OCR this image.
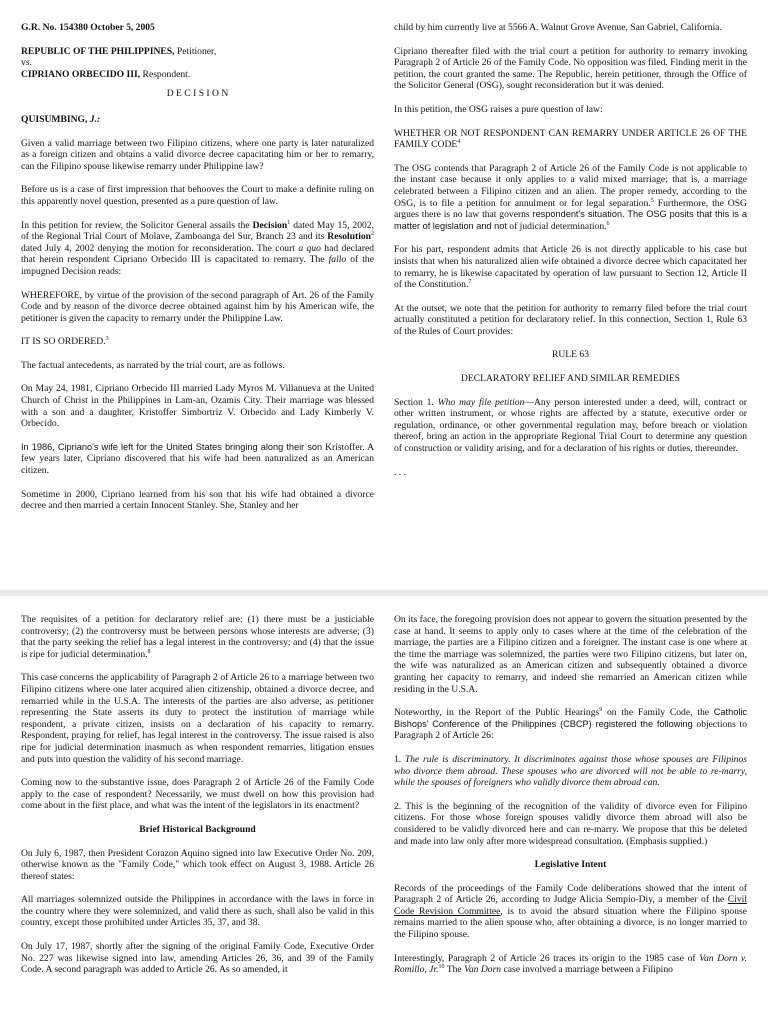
G.R. No. 154380 October 5, 2005
REPUBLIC OF THE PHILIPPINES, Petitioner,
vs.
CIPRIANO ORBECIDO III, Respondent.
D E C I S I O N

QUISUMBING, J.:

Given a valid marriage between two Filipino citizens, where one party is later naturalized as a foreign citizen and obtains a valid divorce decree capacitating him or her to remarry, can the Filipino spouse likewise remarry under Philippine law?

Before us is a case of first impression that behooves the Court to make a definite ruling on this apparently novel question, presented as a pure question of law.

In this petition for review, the Solicitor General assails the Decision$^1$ dated May 15, 2002, of the Regional Trial Court of Molave, Zamboanga del Sur, Branch 23 and its Resolution$^2$ dated July 4, 2002 denying the motion for reconsideration. The court a quo had declared that herein respondent Cipriano Orbecido III is capacitated to remarry. The fallo of the impugned Decision reads:

WHEREFORE, by virtue of the provision of the second paragraph of Art. 26 of the Family Code and by reason of the divorce decree obtained against him by his American wife, the petitioner is given the capacity to remarry under the Philippine Law.

IT IS SO ORDERED.$^3$

The factual antecedents, as narrated by the trial court, are as follows.

On May 24, 1981, Cipriano Orbecido III married Lady Myros M. Villanueva at the United Church of Christ in the Philippines in Lam-an, Ozamis City. Their marriage was blessed with a son and a daughter, Kristoffer Simbortriz V. Orbecido and Lady Kimberly V. Orbecido.

In 1986, Cipriano's wife left for the United States bringing along their son Kristoffer. A few years later, Cipriano discovered that his wife had been naturalized as an American citizen.

Sometime in 2000, Cipriano learned from his son that his wife had obtained a divorce decree and then married a certain Innocent Stanley. She, Stanley and her

child by him currently live at 5566 A. Walnut Grove Avenue, San Gabriel, California.

Cipriano thereafter filed with the trial court a petition for authority to remarry invoking Paragraph 2 of Article 26 of the Family Code. No opposition was filed. Finding merit in the petition, the court granted the same. The Republic, herein petitioner, through the Office of the Solicitor General (OSG), sought reconsideration but it was denied.

In this petition, the OSG raises a pure question of law:

WHETHER OR NOT RESPONDENT CAN REMARRY UNDER ARTICLE 26 OF THE FAMILY CODE$^4$

The OSG contends that Paragraph 2 of Article 26 of the Family Code is not applicable to the instant case because it only applies to a valid mixed marriage; that is, a marriage celebrated between a Filipino citizen and an alien. The proper remedy, according to the OSG, is to file a petition for annulment or for legal separation.$^5$ Furthermore, the OSG argues there is no law that governs respondent's situation. The OSG posits that this is a matter of legislation and not of judicial determination.$^6$

For his part, respondent admits that Article 26 is not directly applicable to his case but insists that when his naturalized alien wife obtained a divorce decree which capacitated her to remarry, he is likewise capacitated by operation of law pursuant to Section 12, Article II of the Constitution.$^7$

At the outset, we note that the petition for authority to remarry filed before the trial court actually constituted a petition for declaratory relief. In this connection, Section 1, Rule 63 of the Rules of Court provides:

RULE 63

DECLARATORY RELIEF AND SIMILAR REMEDIES

Section 1. Who may file petition—Any person interested under a deed, will, contract or other written instrument, or whose rights are affected by a statute, executive order or regulation, ordinance, or other governmental regulation may, before breach or violation thereof, bring an action in the appropriate Regional Trial Court to determine any question of construction or validity arising, and for a declaration of his rights or duties, thereunder.

. . .

The requisites of a petition for declaratory relief are: (1) there must be a justiciable controversy; (2) the controversy must be between persons whose interests are adverse; (3) that the party seeking the relief has a legal interest in the controversy; and (4) that the issue is ripe for judicial determination.$^8$

This case concerns the applicability of Paragraph 2 of Article 26 to a marriage between two Filipino citizens where one later acquired alien citizenship, obtained a divorce decree, and remarried while in the U.S.A. The interests of the parties are also adverse, as petitioner representing the State asserts its duty to protect the institution of marriage while respondent, a private citizen, insists on a declaration of his capacity to remarry. Respondent, praying for relief, has legal interest in the controversy. The issue raised is also ripe for judicial determination inasmuch as when respondent remarries, litigation ensues and puts into question the validity of his second marriage.

Coming now to the substantive issue, does Paragraph 2 of Article 26 of the Family Code apply to the case of respondent? Necessarily, we must dwell on how this provision had come about in the first place, and what was the intent of the legislators in its enactment?

Brief Historical Background

On July 6, 1987, then President Corazon Aquino signed into law Executive Order No. 209, otherwise known as the "Family Code," which took effect on August 3, 1988. Article 26 thereof states:

All marriages solemnized outside the Philippines in accordance with the laws in force in the country where they were solemnized, and valid there as such, shall also be valid in this country, except those prohibited under Articles 35, 37, and 38.

On July 17, 1987, shortly after the signing of the original Family Code, Executive Order No. 227 was likewise signed into law, amending Articles 26, 36, and 39 of the Family Code. A second paragraph was added to Article 26. As so amended, it

On its face, the foregoing provision does not appear to govern the situation presented by the case at hand. It seems to apply only to cases where at the time of the celebration of the marriage, the parties are a Filipino citizen and a foreigner. The instant case is one where at the time the marriage was solemnized, the parties were two Filipino citizens, but later on, the wife was naturalized as an American citizen and subsequently obtained a divorce granting her capacity to remarry, and indeed she remarried an American citizen while residing in the U.S.A.

Noteworthy, in the Report of the Public Hearings$^9$ on the Family Code, the Catholic Bishops' Conference of the Philippines (CBCP) registered the following objections to Paragraph 2 of Article 26:

1. The rule is discriminatory. It discriminates against those whose spouses are Filipinos who divorce them abroad. These spouses who are divorced will not be able to re-marry, while the spouses of foreigners who validly divorce them abroad can.

2. This is the beginning of the recognition of the validity of divorce even for Filipino citizens. For those whose foreign spouses validly divorce them abroad will also be considered to be validly divorced here and can re-marry. We propose that this be deleted and made into law only after more widespread consultation. (Emphasis supplied.)

Legislative Intent

Records of the proceedings of the Family Code deliberations showed that the intent of Paragraph 2 of Article 26, according to Judge Alicia Sempio-Diy, a member of the Civil Code Revision Committee, is to avoid the absurd situation where the Filipino spouse remains married to the alien spouse who, after obtaining a divorce, is no longer married to the Filipino spouse.

Interestingly, Paragraph 2 of Article 26 traces its origin to the 1985 case of Van Dorn v. Romillo, Jr.$^{10}$ The Van Dorn case involved a marriage between a Filipino
